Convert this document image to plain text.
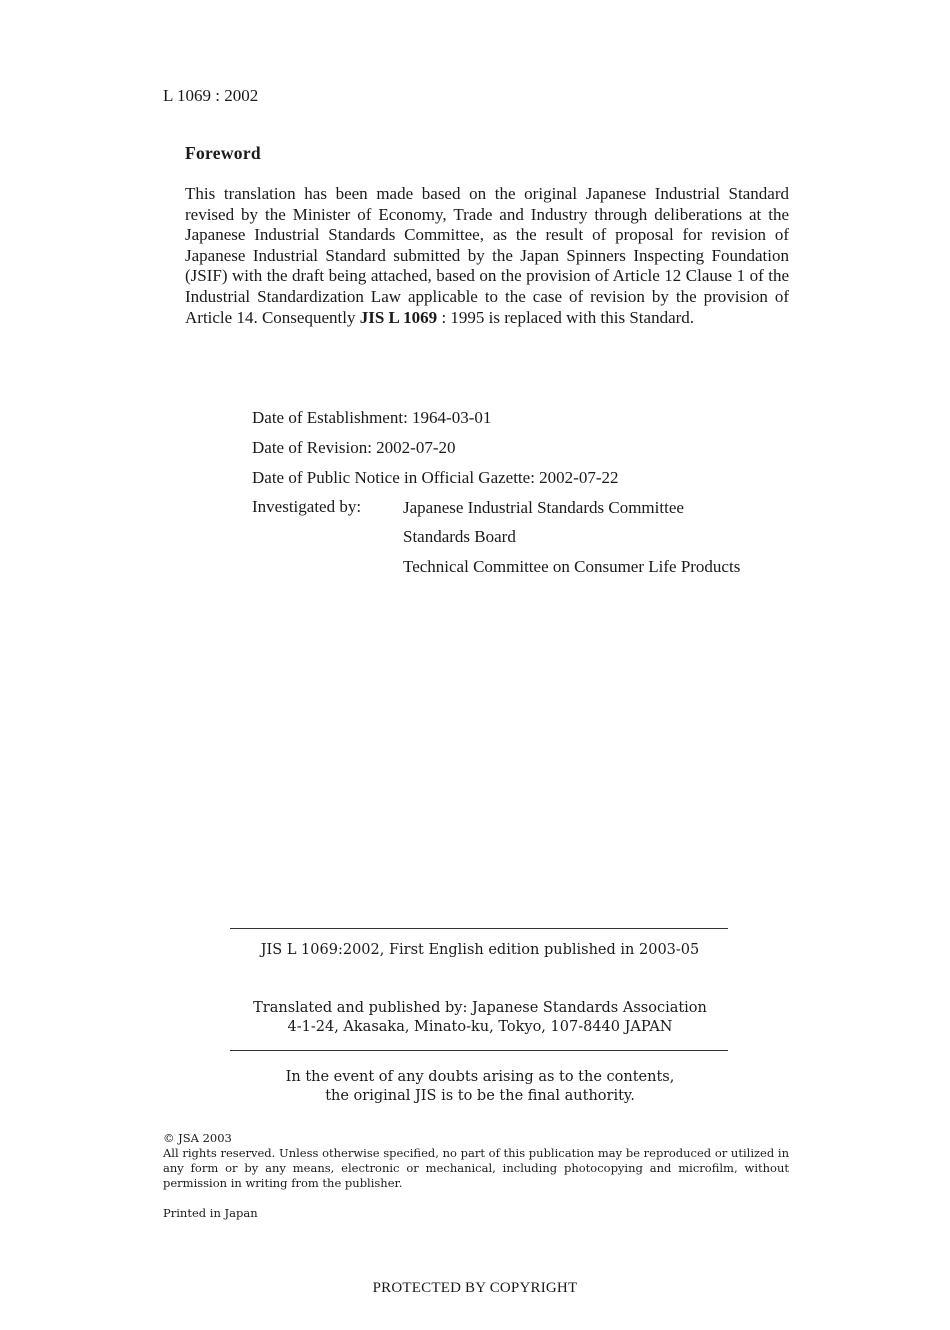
L 1069 : 2002
Foreword
This translation has been made based on the original Japanese Industrial Standard revised by the Minister of Economy, Trade and Industry through deliberations at the Japanese Industrial Standards Committee, as the result of proposal for revision of Japanese Industrial Standard submitted by the Japan Spinners Inspecting Foundation (JSIF) with the draft being attached, based on the provision of Article 12 Clause 1 of the Industrial Standardization Law applicable to the case of revision by the provision of Article 14. Consequently JIS L 1069 : 1995 is replaced with this Standard.
Date of Establishment: 1964-03-01
Date of Revision: 2002-07-20
Date of Public Notice in Official Gazette: 2002-07-22
Investigated by: Japanese Industrial Standards Committee
Standards Board
Technical Committee on Consumer Life Products
JIS L 1069:2002, First English edition published in 2003-05
Translated and published by: Japanese Standards Association
4-1-24, Akasaka, Minato-ku, Tokyo, 107-8440 JAPAN
In the event of any doubts arising as to the contents,
the original JIS is to be the final authority.
© JSA 2003
All rights reserved. Unless otherwise specified, no part of this publication may be reproduced or utilized in any form or by any means, electronic or mechanical, including photocopying and microfilm, without permission in writing from the publisher.
Printed in Japan
PROTECTED BY COPYRIGHT
